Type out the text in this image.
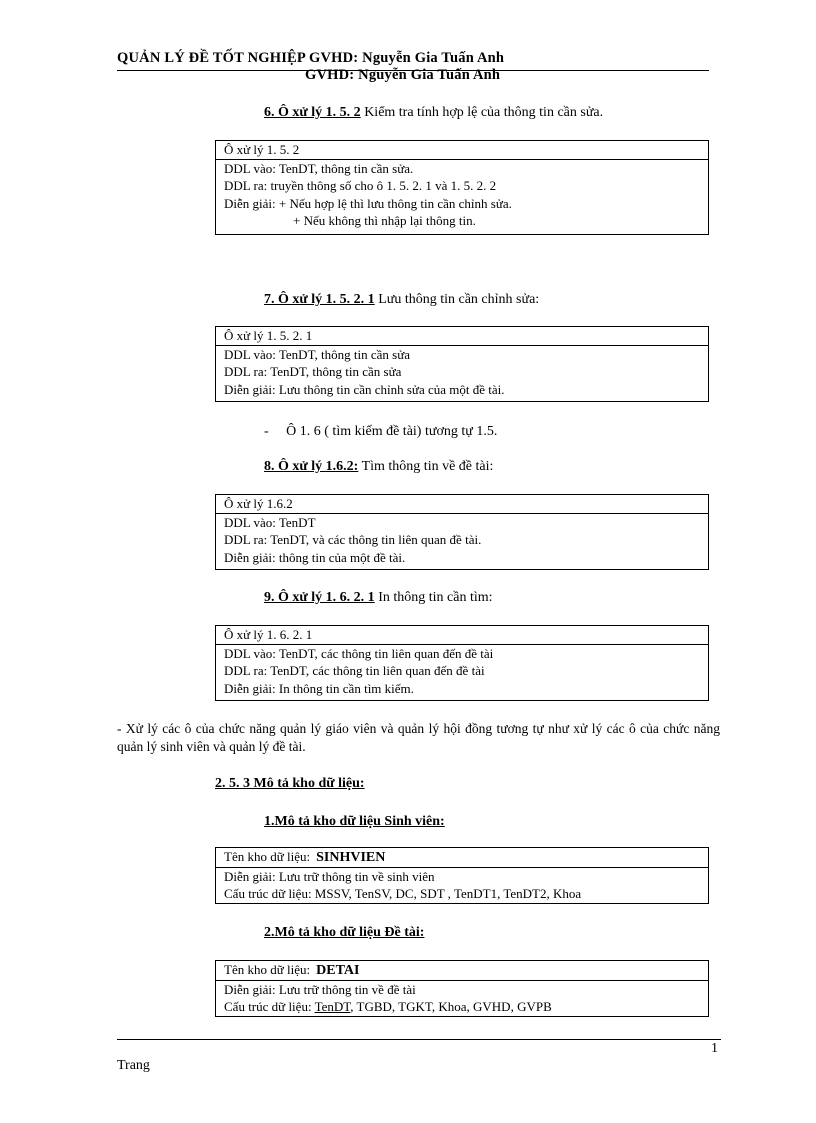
QUẢN LÝ ĐỀ TỐT NGHIỆP GVHD: Nguyễn Gia Tuấn Anh
GVHD: Nguyễn Gia Tuấn Anh
6. Ô xử lý 1. 5. 2 Kiểm tra tính hợp lệ của thông tin cần sửa.
Ô xử lý 1. 5. 2
DDL vào: TenDT, thông tin cần sửa.
DDL ra: truyền thông số cho ô 1. 5. 2. 1 và 1. 5. 2. 2
Diễn giải: + Nếu hợp lệ thì lưu thông tin cần chỉnh sửa.
+ Nếu không thì nhập lại thông tin.
7. Ô xử lý 1. 5. 2. 1 Lưu thông tin cần chỉnh sửa:
Ô xử lý 1. 5. 2. 1
DDL vào: TenDT, thông tin cần sửa
DDL ra: TenDT, thông tin cần sửa
Diễn giải: Lưu thông tin cần chỉnh sửa của một đề tài.
-     Ô 1. 6 ( tìm kiếm đề tài) tương tự 1.5.
8. Ô xử lý 1.6.2: Tìm thông tin về đề tài:
Ô xử lý 1.6.2
DDL vào: TenDT
DDL ra: TenDT, và các thông tin liên quan đề tài.
Diễn giải: thông tin của một đề tài.
9. Ô xử lý 1. 6. 2. 1 In thông tin cần tìm:
Ô xử lý 1. 6. 2. 1
DDL vào: TenDT, các thông tin liên quan đến đề tài
DDL ra: TenDT, các thông tin liên quan đến đề tài
Diễn giải: In thông tin cần tìm kiếm.
- Xử lý các ô của chức năng quản lý giáo viên và quản lý hội đồng tương tự như xử lý các ô của chức năng quản lý sinh viên và quản lý đề tài.
2. 5. 3 Mô tả kho dữ liệu:
1.Mô tả kho dữ liệu Sinh viên:
Tên kho dữ liệu: SINHVIEN
Diễn giải: Lưu trữ thông tin về sinh viên
Cấu trúc dữ liệu: MSSV, TenSV, DC, SDT , TenDT1, TenDT2, Khoa
2.Mô tả kho dữ liệu Đề tài:
Tên kho dữ liệu: DETAI
Diễn giải: Lưu trữ thông tin về đề tài
Cấu trúc dữ liệu: TenDT, TGBD, TGKT, Khoa, GVHD, GVPB
1
Trang
